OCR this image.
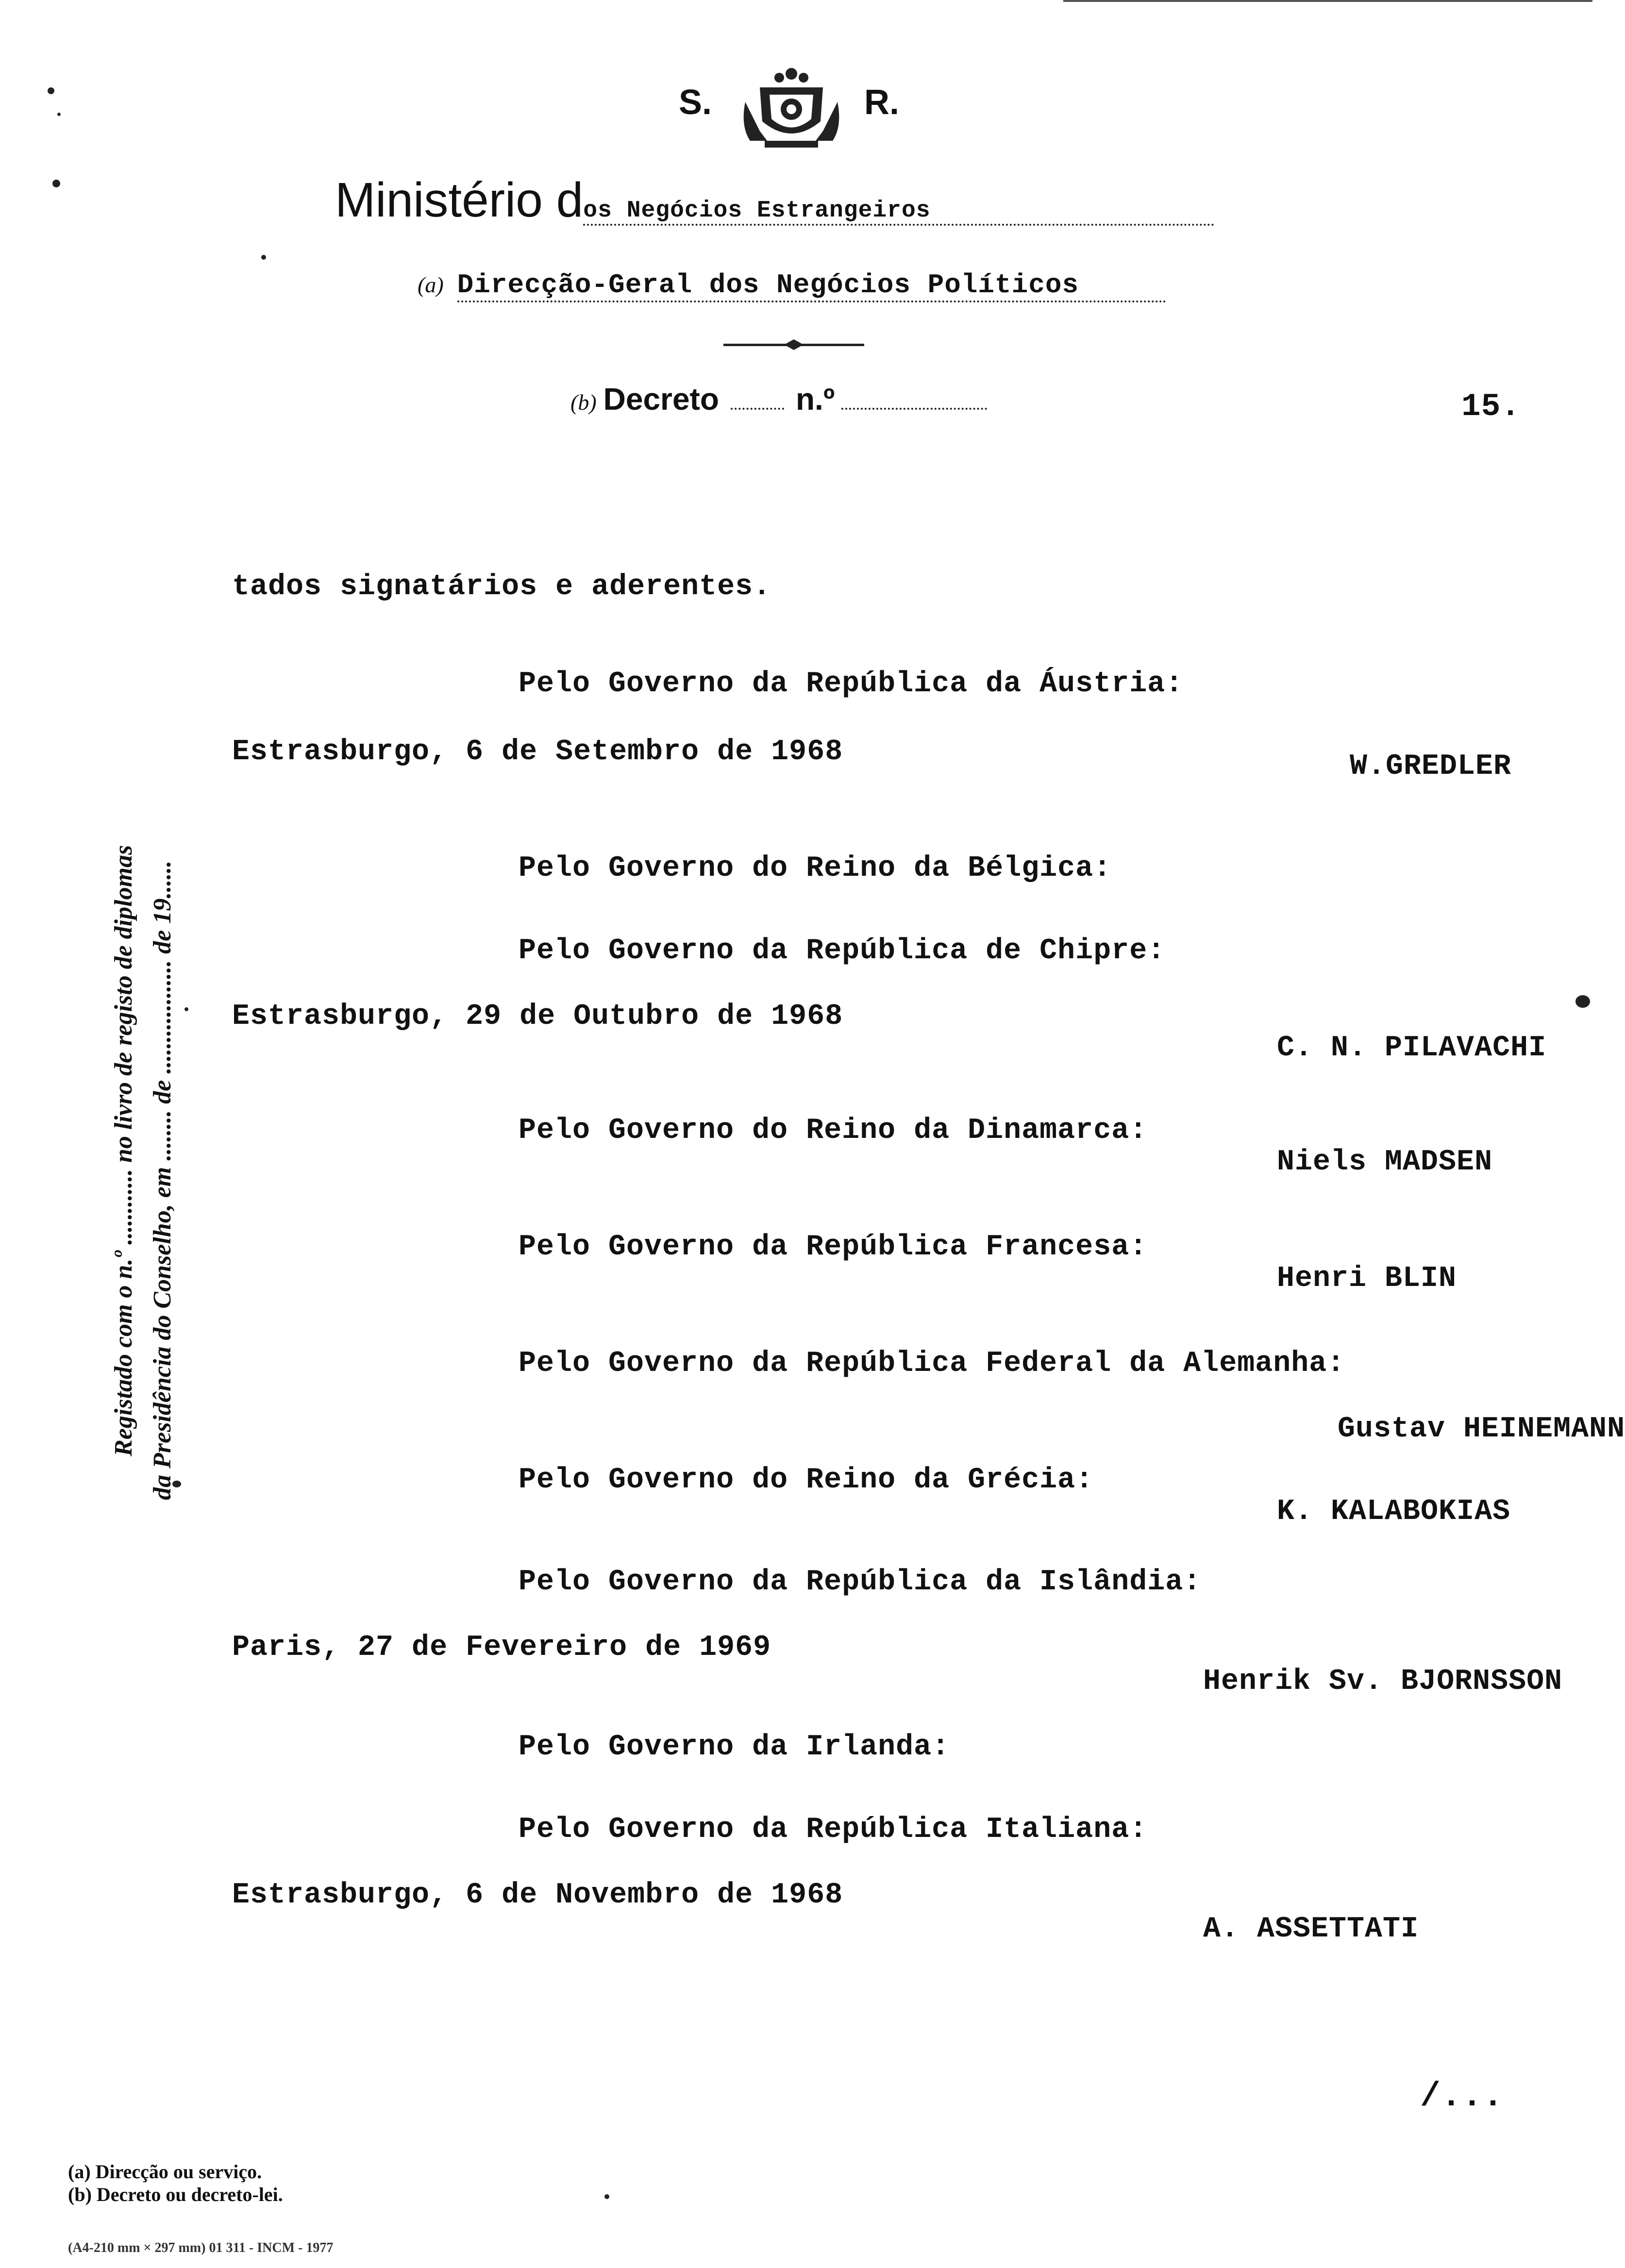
S.	R.
Ministério dos Negócios Estrangeiros
(a) Direcção-Geral dos Negócios Políticos
(b) Decreto n.º	15.
Registado com o n.º ............ no livro de registo de diplomas da Presidência do Conselho, em ........ de .................. de 19......
tados signatários e aderentes.
Pelo Governo da República da Áustria:
Estrasburgo, 6 de Setembro de 1968	W.GREDLER
Pelo Governo do Reino da Bélgica:
Pelo Governo da República de Chipre:
Estrasburgo, 29 de Outubro de 1968
C. N. PILAVACHI
Pelo Governo do Reino da Dinamarca:
Niels MADSEN
Pelo Governo da República Francesa:
Henri BLIN
Pelo Governo da República Federal da Alemanha:
Gustav HEINEMANN
Pelo Governo do Reino da Grécia:
K. KALABOKIAS
Pelo Governo da República da Islândia:
Paris, 27 de Fevereiro de 1969
Henrik Sv. BJORNSSON
Pelo Governo da Irlanda:
Pelo Governo da República Italiana:
Estrasburgo, 6 de Novembro de 1968
A. ASSETTATI
/...
(a) Direcção ou serviço.
(b) Decreto ou decreto-lei.
(A4-210 mm × 297 mm) 01 311 - INCM - 1977
